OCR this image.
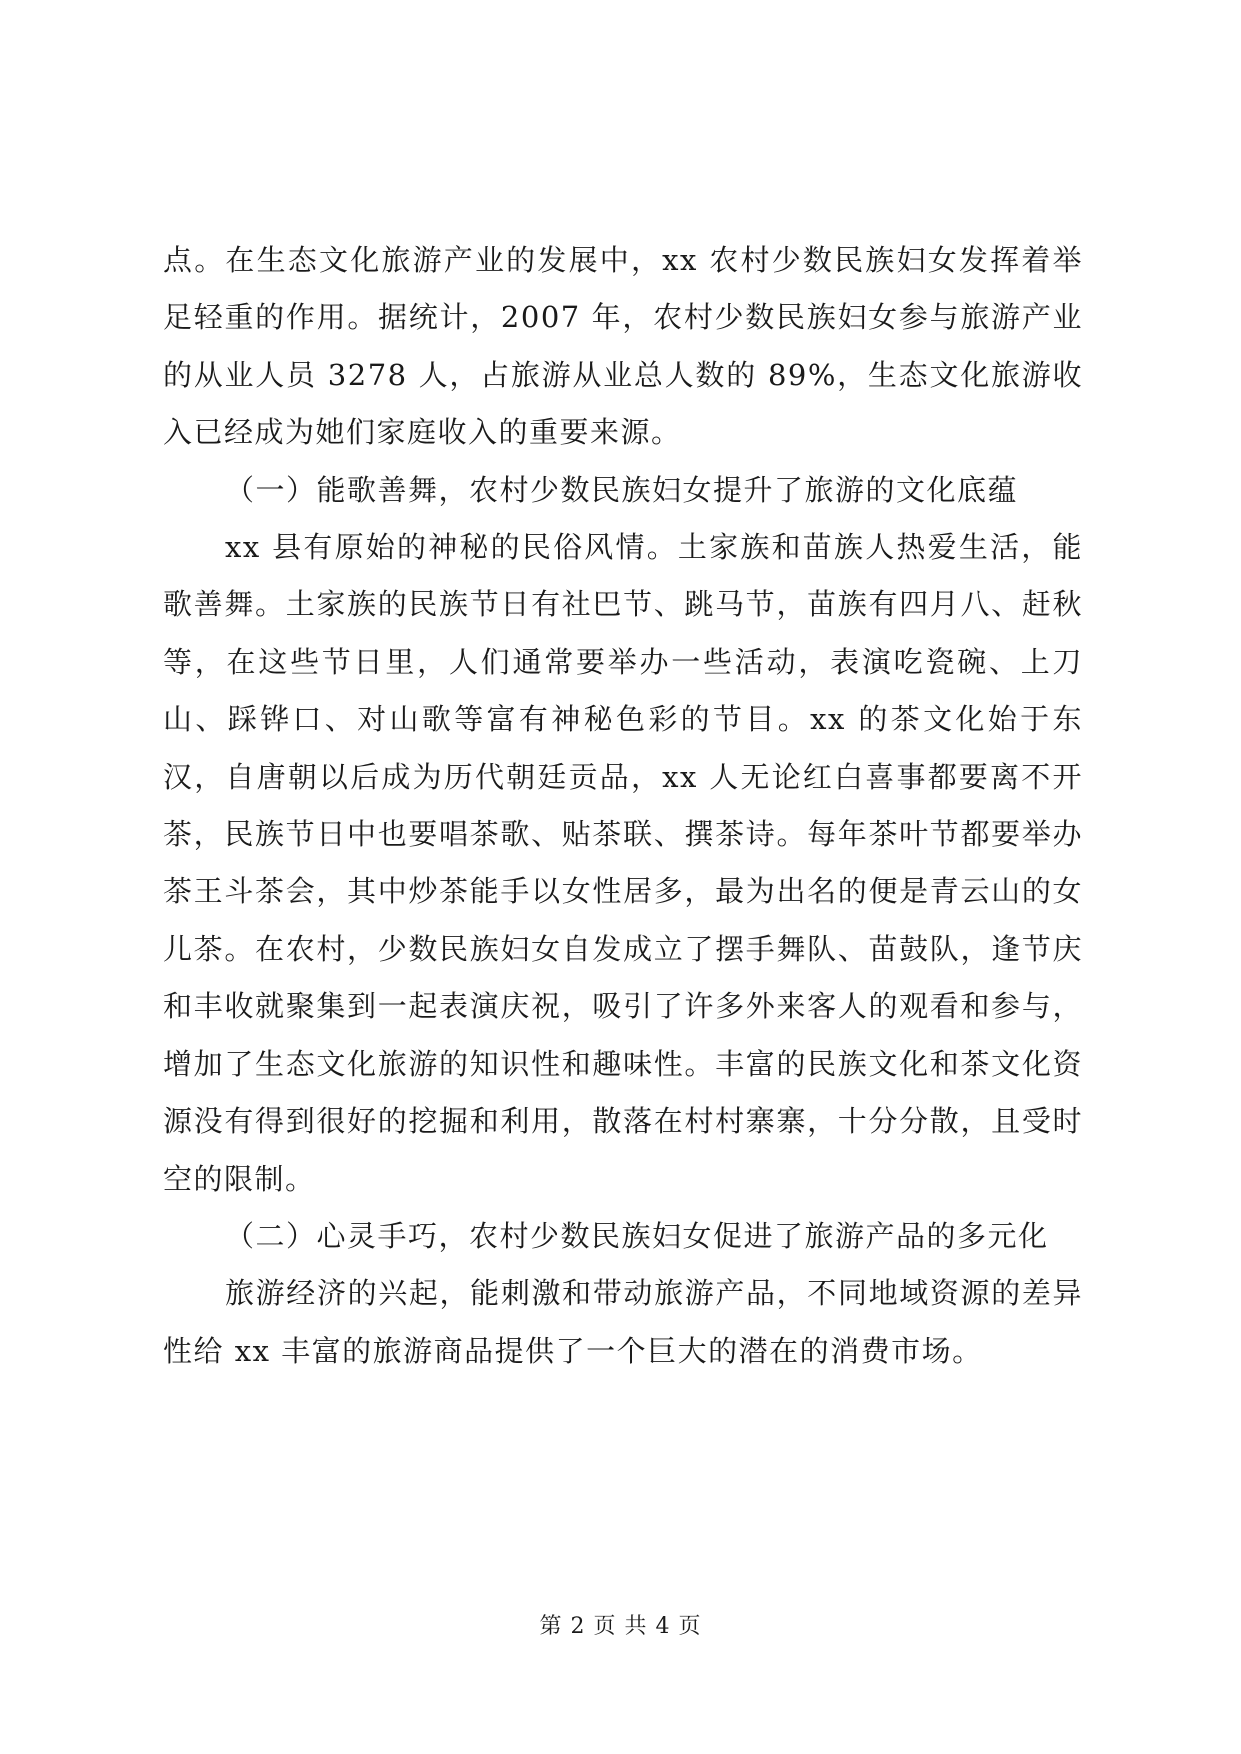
点。在生态文化旅游产业的发展中，xx 农村少数民族妇女发挥着举足轻重的作用。据统计，2007 年，农村少数民族妇女参与旅游产业的从业人员 3278 人，占旅游从业总人数的 89%，生态文化旅游收入已经成为她们家庭收入的重要来源。

（一）能歌善舞，农村少数民族妇女提升了旅游的文化底蕴

xx 县有原始的神秘的民俗风情。土家族和苗族人热爱生活，能歌善舞。土家族的民族节日有社巴节、跳马节，苗族有四月八、赶秋等，在这些节日里，人们通常要举办一些活动，表演吃瓷碗、上刀山、踩铧口、对山歌等富有神秘色彩的节目。xx 的茶文化始于东汉，自唐朝以后成为历代朝廷贡品，xx 人无论红白喜事都要离不开茶，民族节日中也要唱茶歌、贴茶联、撰茶诗。每年茶叶节都要举办茶王斗茶会，其中炒茶能手以女性居多，最为出名的便是青云山的女儿茶。在农村，少数民族妇女自发成立了摆手舞队、苗鼓队，逢节庆和丰收就聚集到一起表演庆祝，吸引了许多外来客人的观看和参与，增加了生态文化旅游的知识性和趣味性。丰富的民族文化和茶文化资源没有得到很好的挖掘和利用，散落在村村寨寨，十分分散，且受时空的限制。

（二）心灵手巧，农村少数民族妇女促进了旅游产品的多元化

旅游经济的兴起，能刺激和带动旅游产品，不同地域资源的差异性给 xx 丰富的旅游商品提供了一个巨大的潜在的消费市场。

第 2 页 共 4 页
